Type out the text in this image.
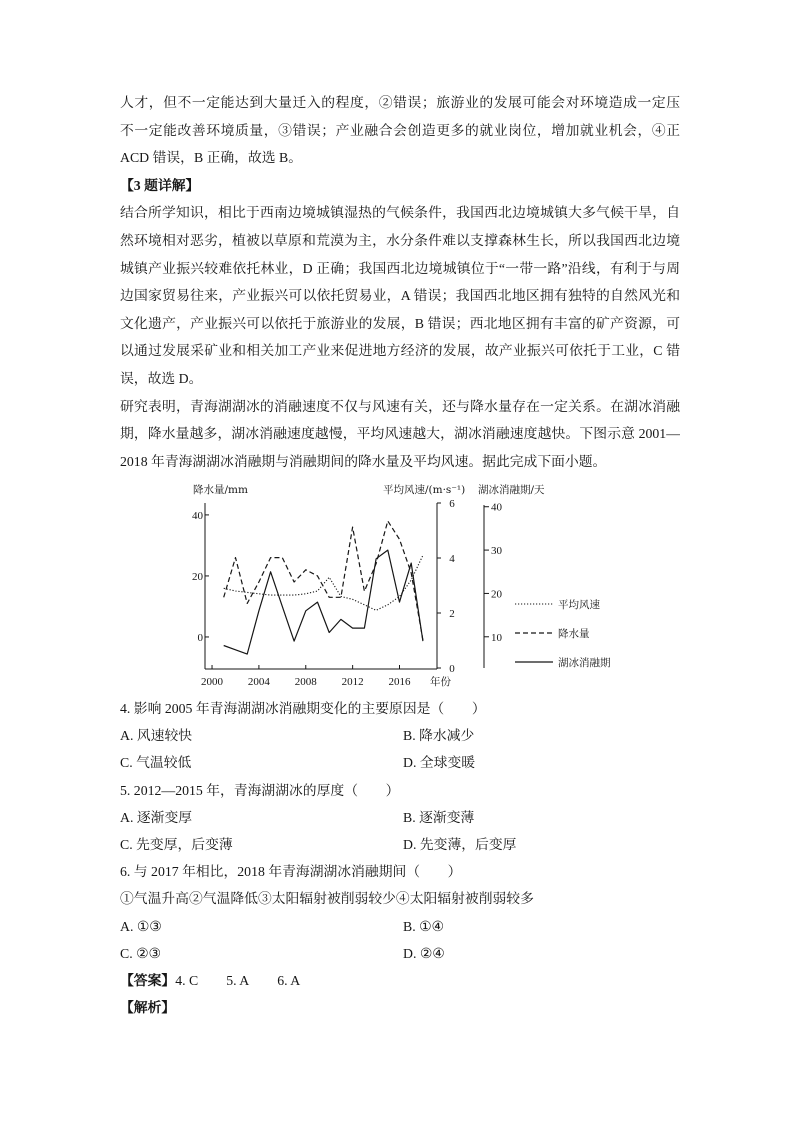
人才，但不一定能达到大量迁入的程度，②错误；旅游业的发展可能会对环境造成一定压
不一定能改善环境质量，③错误；产业融合会创造更多的就业岗位，增加就业机会，④正
ACD 错误，B 正确，故选 B。
【3 题详解】
结合所学知识，相比于西南边境城镇湿热的气候条件，我国西北边境城镇大多气候干旱，自
然环境相对恶劣，植被以草原和荒漠为主，水分条件难以支撑森林生长，所以我国西北边境
城镇产业振兴较难依托林业，D 正确；我国西北边境城镇位于“一带一路”沿线，有利于与周
边国家贸易往来，产业振兴可以依托贸易业，A 错误；我国西北地区拥有独特的自然风光和
文化遗产，产业振兴可以依托于旅游业的发展，B 错误；西北地区拥有丰富的矿产资源，可
以通过发展采矿业和相关加工产业来促进地方经济的发展，故产业振兴可依托于工业，C 错
误，故选 D。
研究表明，青海湖湖冰的消融速度不仅与风速有关，还与降水量存在一定关系。在湖冰消融
期，降水量越多，湖冰消融速度越慢，平均风速越大，湖冰消融速度越快。下图示意 2001—
2018 年青海湖湖冰消融期与消融期间的降水量及平均风速。据此完成下面小题。
降水量/mm	平均风速/(m·s⁻¹) 湖冰消融期/天
2000 2004 2008 2012 2016 年份
40
20
0
6
4
2
0
40
30
20
10
平均风速
降水量
湖冰消融期
4. 影响 2005 年青海湖湖冰消融期变化的主要原因是（　　）
A. 风速较快	B. 降水减少
C. 气温较低	D. 全球变暖
5. 2012—2015 年，青海湖湖冰的厚度（　　）
A. 逐渐变厚	B. 逐渐变薄
C. 先变厚，后变薄	D. 先变薄，后变厚
6. 与 2017 年相比，2018 年青海湖湖冰消融期间（　　）
①气温升高②气温降低③太阳辐射被削弱较少④太阳辐射被削弱较多
A. ①③	B. ①④
C. ②③	D. ②④
【答案】4. C 5. A 6. A
【解析】
